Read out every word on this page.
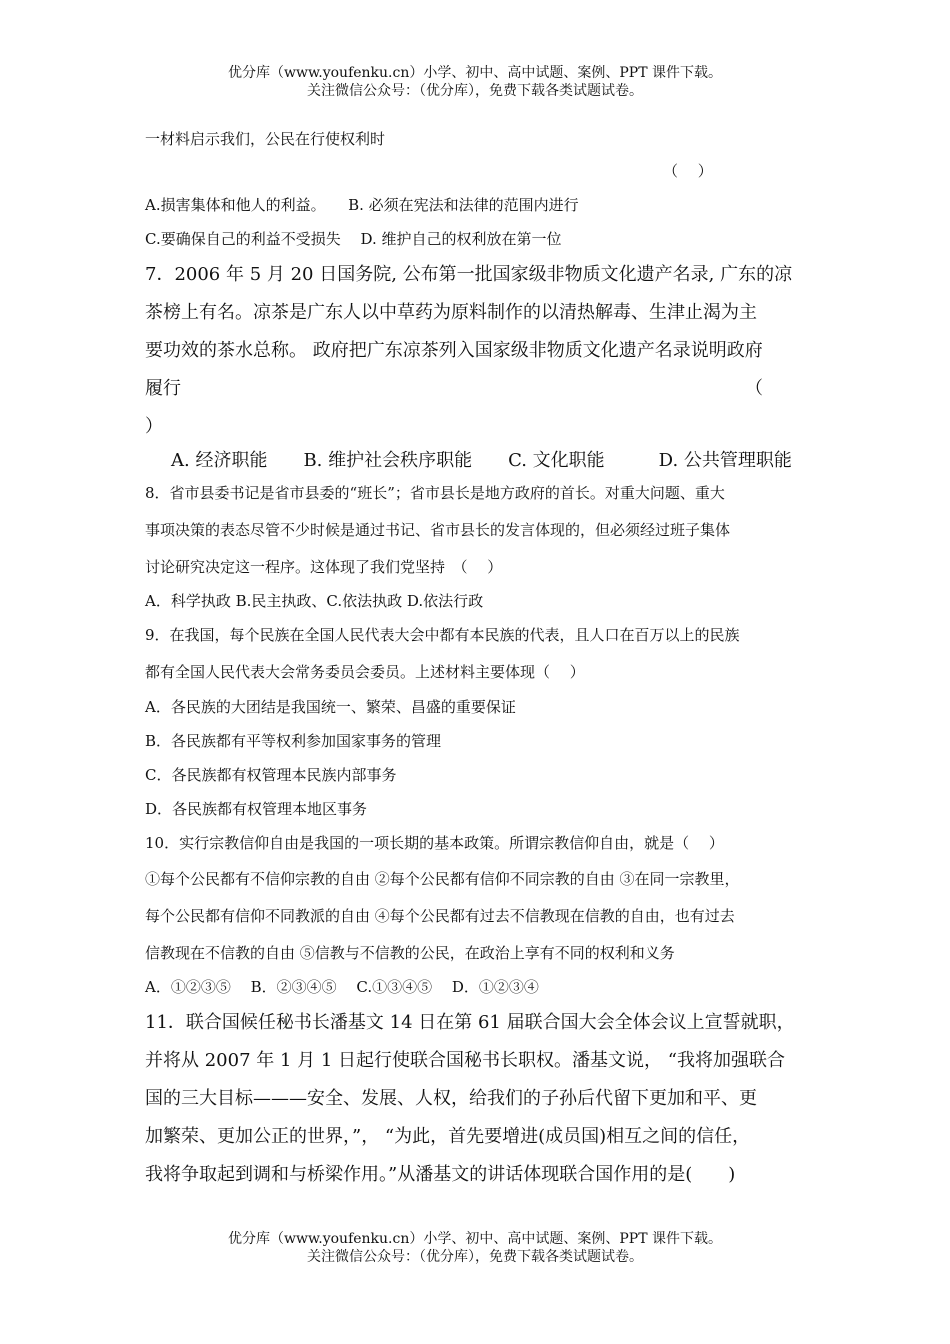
优分库（www.youfenku.cn）小学、初中、高中试题、案例、PPT 课件下载。
关注微信公众号：（优分库），免费下载各类试题试卷。
一材料启示我们，公民在行使权利时
（　 ）
A.损害集体和他人的利益。　　B. 必须在宪法和法律的范围内进行
C.要确保自己的利益不受损失　 D. 维护自己的权利放在第一位
7．2006 年 5 月 20 日国务院, 公布第一批国家级非物质文化遗产名录, 广东的凉
茶榜上有名。凉茶是广东人以中草药为原料制作的以清热解毒、生津止渴为主
要功效的茶水总称。 政府把广东凉茶列入国家级非物质文化遗产名录说明政府
履行	（
）
A. 经济职能　　B. 维护社会秩序职能　　C. 文化职能　　　D. 公共管理职能
8．省市县委书记是省市县委的“班长”；省市县长是地方政府的首长。对重大问题、重大
事项决策的表态尽管不少时候是通过书记、省市县长的发言体现的，但必须经过班子集体
讨论研究决定这一程序。这体现了我们党坚持　（　 ）
A．科学执政 B.民主执政、C.依法执政 D.依法行政
9．在我国，每个民族在全国人民代表大会中都有本民族的代表，且人口在百万以上的民族
都有全国人民代表大会常务委员会委员。上述材料主要体现（　 ）
A．各民族的大团结是我国统一、繁荣、昌盛的重要保证
B．各民族都有平等权利参加国家事务的管理
C．各民族都有权管理本民族内部事务
D．各民族都有权管理本地区事务
10．实行宗教信仰自由是我国的一项长期的基本政策。所谓宗教信仰自由，就是（　 ）
①每个公民都有不信仰宗教的自由 ②每个公民都有信仰不同宗教的自由 ③在同一宗教里，
每个公民都有信仰不同教派的自由 ④每个公民都有过去不信教现在信教的自由，也有过去
信教现在不信教的自由 ⑤信教与不信教的公民，在政治上享有不同的权利和义务
A．①②③⑤　 B．②③④⑤　 C.①③④⑤　 D．①②③④
11．联合国候任秘书长潘基文 14 日在第 61 届联合国大会全体会议上宣誓就职，
并将从 2007 年 1 月 1 日起行使联合国秘书长职权。潘基文说， “我将加强联合
国的三大目标———安全、发展、人权，给我们的子孙后代留下更加和平、更
加繁荣、更加公正的世界，”， “为此，首先要增进(成员国)相互之间的信任，
我将争取起到调和与桥梁作用。”从潘基文的讲话体现联合国作用的是(　　)
优分库（www.youfenku.cn）小学、初中、高中试题、案例、PPT 课件下载。
关注微信公众号：（优分库），免费下载各类试题试卷。
